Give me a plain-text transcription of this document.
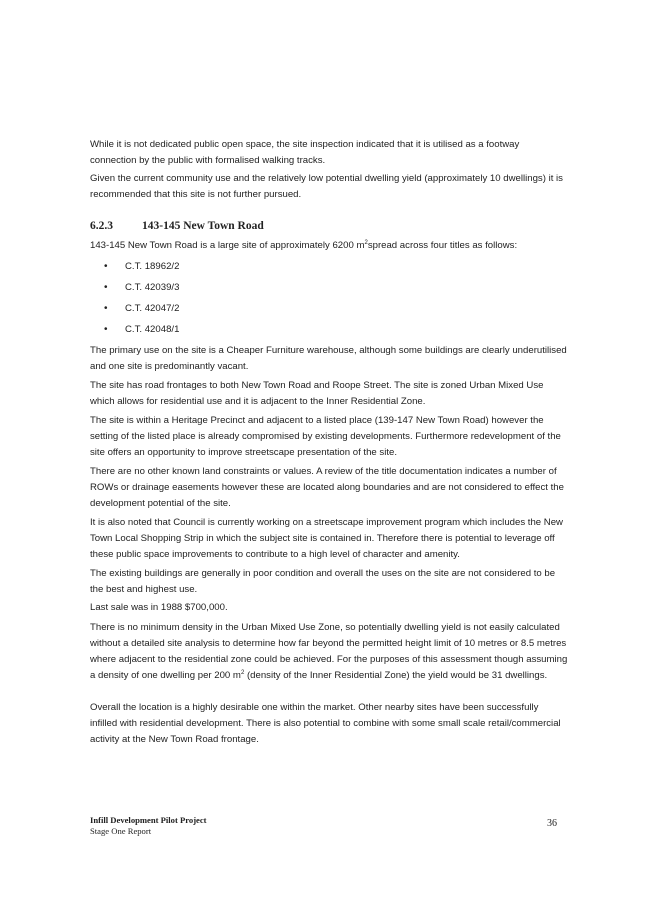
While it is not dedicated public open space, the site inspection indicated that it is utilised as a footway connection by the public with formalised walking tracks.

Given the current community use and the relatively low potential dwelling yield (approximately 10 dwellings) it is recommended that this site is not further pursued.

6.2.3	143-145 New Town Road

143-145 New Town Road is a large site of approximately 6200 $m^2spread$ across four titles as follows:

• C.T. 18962/2
• C.T. 42039/3
• C.T. 42047/2
• C.T. 42048/1

The primary use on the site is a Cheaper Furniture warehouse, although some buildings are clearly underutilised and one site is predominantly vacant.

The site has road frontages to both New Town Road and Roope Street. The site is zoned Urban Mixed Use which allows for residential use and it is adjacent to the Inner Residential Zone.

The site is within a Heritage Precinct and adjacent to a listed place (139-147 New Town Road) however the setting of the listed place is already compromised by existing developments. Furthermore redevelopment of the site offers an opportunity to improve streetscape presentation of the site.

There are no other known land constraints or values. A review of the title documentation indicates a number of ROWs or drainage easements however these are located along boundaries and are not considered to effect the development potential of the site.

It is also noted that Council is currently working on a streetscape improvement program which includes the New Town Local Shopping Strip in which the subject site is contained in. Therefore there is potential to leverage off these public space improvements to contribute to a high level of character and amenity.

The existing buildings are generally in poor condition and overall the uses on the site are not considered to be the best and highest use.

Last sale was in 1988 $700,000.

There is no minimum density in the Urban Mixed Use Zone, so potentially dwelling yield is not easily calculated without a detailed site analysis to determine how far beyond the permitted height limit of 10 metres or 8.5 metres where adjacent to the residential zone could be achieved. For the purposes of this assessment though assuming a density of one dwelling per 200 $m^2$ (density of the Inner Residential Zone) the yield would be 31 dwellings.

Overall the location is a highly desirable one within the market. Other nearby sites have been successfully infilled with residential development. There is also potential to combine with some small scale retail/commercial activity at the New Town Road frontage.

Infill Development Pilot Project
Stage One Report
36
